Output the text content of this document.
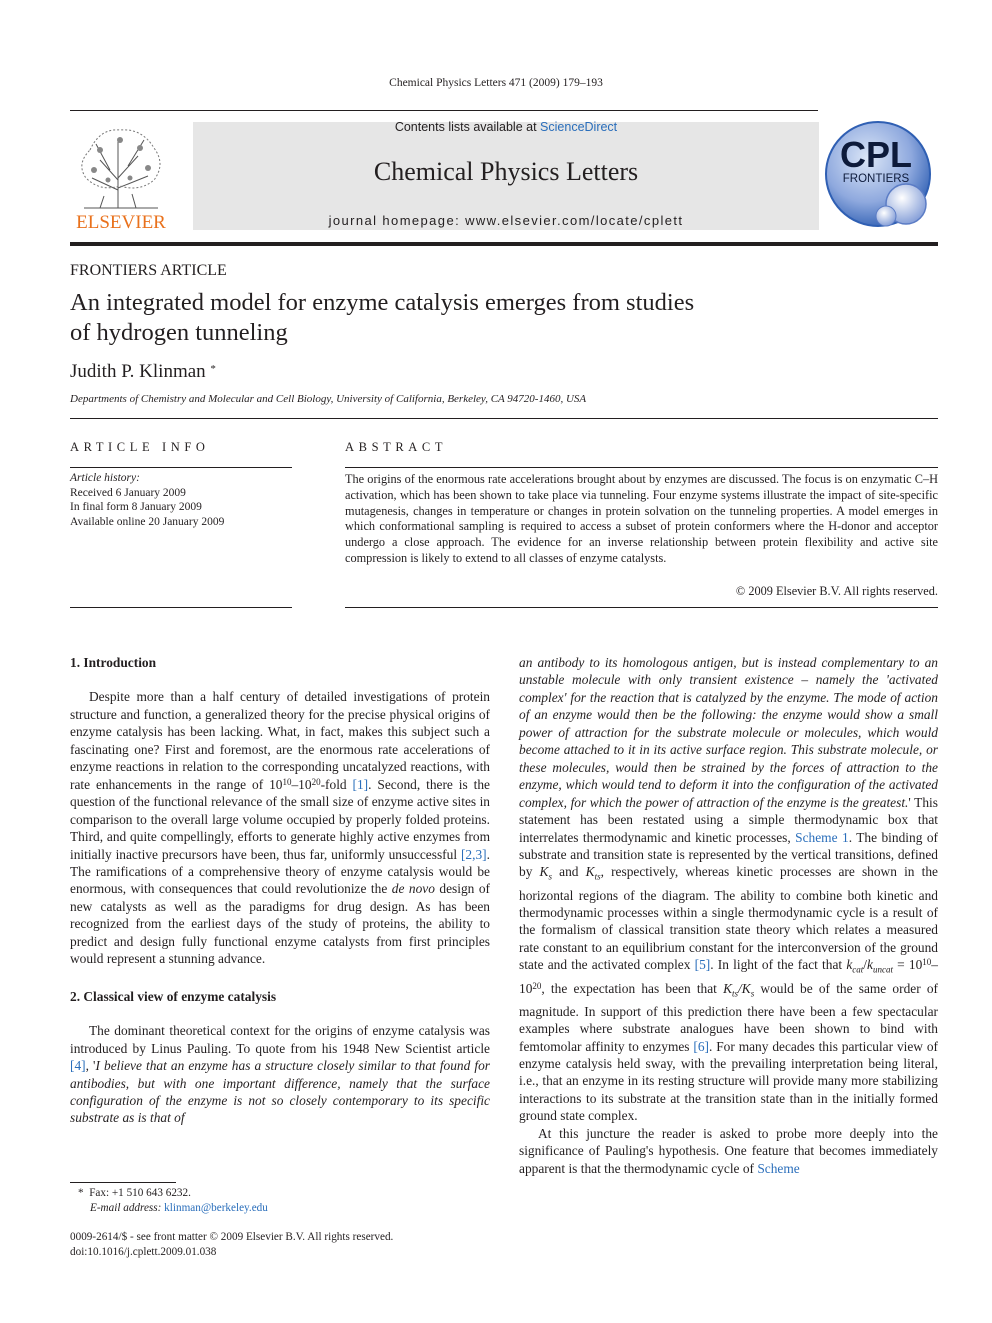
Chemical Physics Letters 471 (2009) 179–193
ELSEVIER
Contents lists available at ScienceDirect
Chemical Physics Letters
journal homepage: www.elsevier.com/locate/cplett
CPL
FRONTIERS
FRONTIERS ARTICLE
An integrated model for enzyme catalysis emerges from studies
of hydrogen tunneling
Judith P. Klinman *
Departments of Chemistry and Molecular and Cell Biology, University of California, Berkeley, CA 94720-1460, USA
ARTICLE INFO
Article history:
Received 6 January 2009
In final form 8 January 2009
Available online 20 January 2009
ABSTRACT
The origins of the enormous rate accelerations brought about by enzymes are discussed. The focus is on enzymatic C–H activation, which has been shown to take place via tunneling. Four enzyme systems illustrate the impact of site-specific mutagenesis, changes in temperature or changes in protein solvation on the tunneling properties. A model emerges in which conformational sampling is required to access a subset of protein conformers where the H-donor and acceptor undergo a close approach. The evidence for an inverse relationship between protein flexibility and active site compression is likely to extend to all classes of enzyme catalysts.
© 2009 Elsevier B.V. All rights reserved.
1. Introduction

Despite more than a half century of detailed investigations of protein structure and function, a generalized theory for the precise physical origins of enzyme catalysis has been lacking. What, in fact, makes this subject such a fascinating one? First and foremost, are the enormous rate accelerations of enzyme reactions in relation to the corresponding uncatalyzed reactions, with rate enhancements in the range of $10^{10}-10^{20}$-fold [1]. Second, there is the question of the functional relevance of the small size of enzyme active sites in comparison to the overall large volume occupied by properly folded proteins. Third, and quite compellingly, efforts to generate highly active enzymes from initially inactive precursors have been, thus far, uniformly unsuccessful [2,3]. The ramifications of a comprehensive theory of enzyme catalysis would be enormous, with consequences that could revolutionize the de novo design of new catalysts as well as the paradigms for drug design. As has been recognized from the earliest days of the study of proteins, the ability to predict and design fully functional enzyme catalysts from first principles would represent a stunning advance.

2. Classical view of enzyme catalysis

The dominant theoretical context for the origins of enzyme catalysis was introduced by Linus Pauling. To quote from his 1948 New Scientist article [4], 'I believe that an enzyme has a structure closely similar to that found for antibodies, but with one important difference, namely that the surface configuration of the enzyme is not so closely contemporary to its specific substrate as is that of

an antibody to its homologous antigen, but is instead complementary to an unstable molecule with only transient existence – namely the 'activated complex' for the reaction that is catalyzed by the enzyme. The mode of action of an enzyme would then be the following: the enzyme would show a small power of attraction for the substrate molecule or molecules, which would become attached to it in its active surface region. This substrate molecule, or these molecules, would then be strained by the forces of attraction to the enzyme, which would tend to deform it into the configuration of the activated complex, for which the power of attraction of the enzyme is the greatest.' This statement has been restated using a simple thermodynamic box that interrelates thermodynamic and kinetic processes, Scheme 1. The binding of substrate and transition state is represented by the vertical transitions, defined by $K_s$ and $K_{ts}$, respectively, whereas kinetic processes are shown in the horizontal regions of the diagram. The ability to combine both kinetic and thermodynamic processes within a single thermodynamic cycle is a result of the formalism of classical transition state theory which relates a measured rate constant to an equilibrium constant for the interconversion of the ground state and the activated complex [5]. In light of the fact that $k_{cat}/k_{uncat} = 10^{10}-10^{20}$, the expectation has been that $K_{ts}/K_s$ would be of the same order of magnitude. In support of this prediction there have been a few spectacular examples where substrate analogues have been shown to bind with femtomolar affinity to enzymes [6]. For many decades this particular view of enzyme catalysis held sway, with the prevailing interpretation being literal, i.e., that an enzyme in its resting structure will provide many more stabilizing interactions to its substrate at the transition state than in the initially formed ground state complex.

At this juncture the reader is asked to probe more deeply into the significance of Pauling's hypothesis. One feature that becomes immediately apparent is that the thermodynamic cycle of Scheme

* Fax: +1 510 643 6232.
E-mail address: klinman@berkeley.edu
0009-2614/$ - see front matter © 2009 Elsevier B.V. All rights reserved.
doi:10.1016/j.cplett.2009.01.038
